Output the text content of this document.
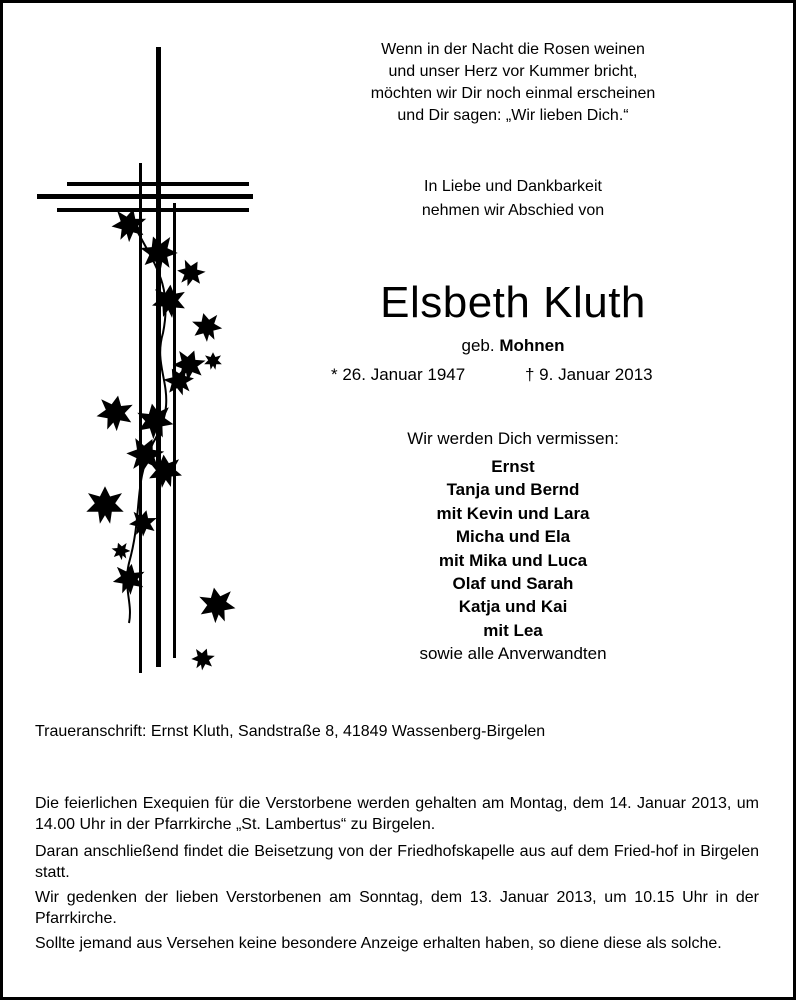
Wenn in der Nacht die Rosen weinen
und unser Herz vor Kummer bricht,
möchten wir Dir noch einmal erscheinen
und Dir sagen: „Wir lieben Dich.“
In Liebe und Dankbarkeit
nehmen wir Abschied von
Elsbeth Kluth
geb. Mohnen
* 26. Januar 1947	† 9. Januar 2013
Wir werden Dich vermissen:
Ernst
Tanja und Bernd
mit Kevin und Lara
Micha und Ela
mit Mika und Luca
Olaf und Sarah
Katja und Kai
mit Lea
sowie alle Anverwandten
Traueranschrift: Ernst Kluth, Sandstraße 8, 41849 Wassenberg-Birgelen
Die feierlichen Exequien für die Verstorbene werden gehalten am Montag, dem 14. Januar 2013, um 14.00 Uhr in der Pfarrkirche „St. Lambertus“ zu Birgelen.
Daran anschließend findet die Beisetzung von der Friedhofskapelle aus auf dem Fried-hof in Birgelen statt.
Wir gedenken der lieben Verstorbenen am Sonntag, dem 13. Januar 2013, um 10.15 Uhr in der Pfarrkirche.
Sollte jemand aus Versehen keine besondere Anzeige erhalten haben, so diene diese als solche.
